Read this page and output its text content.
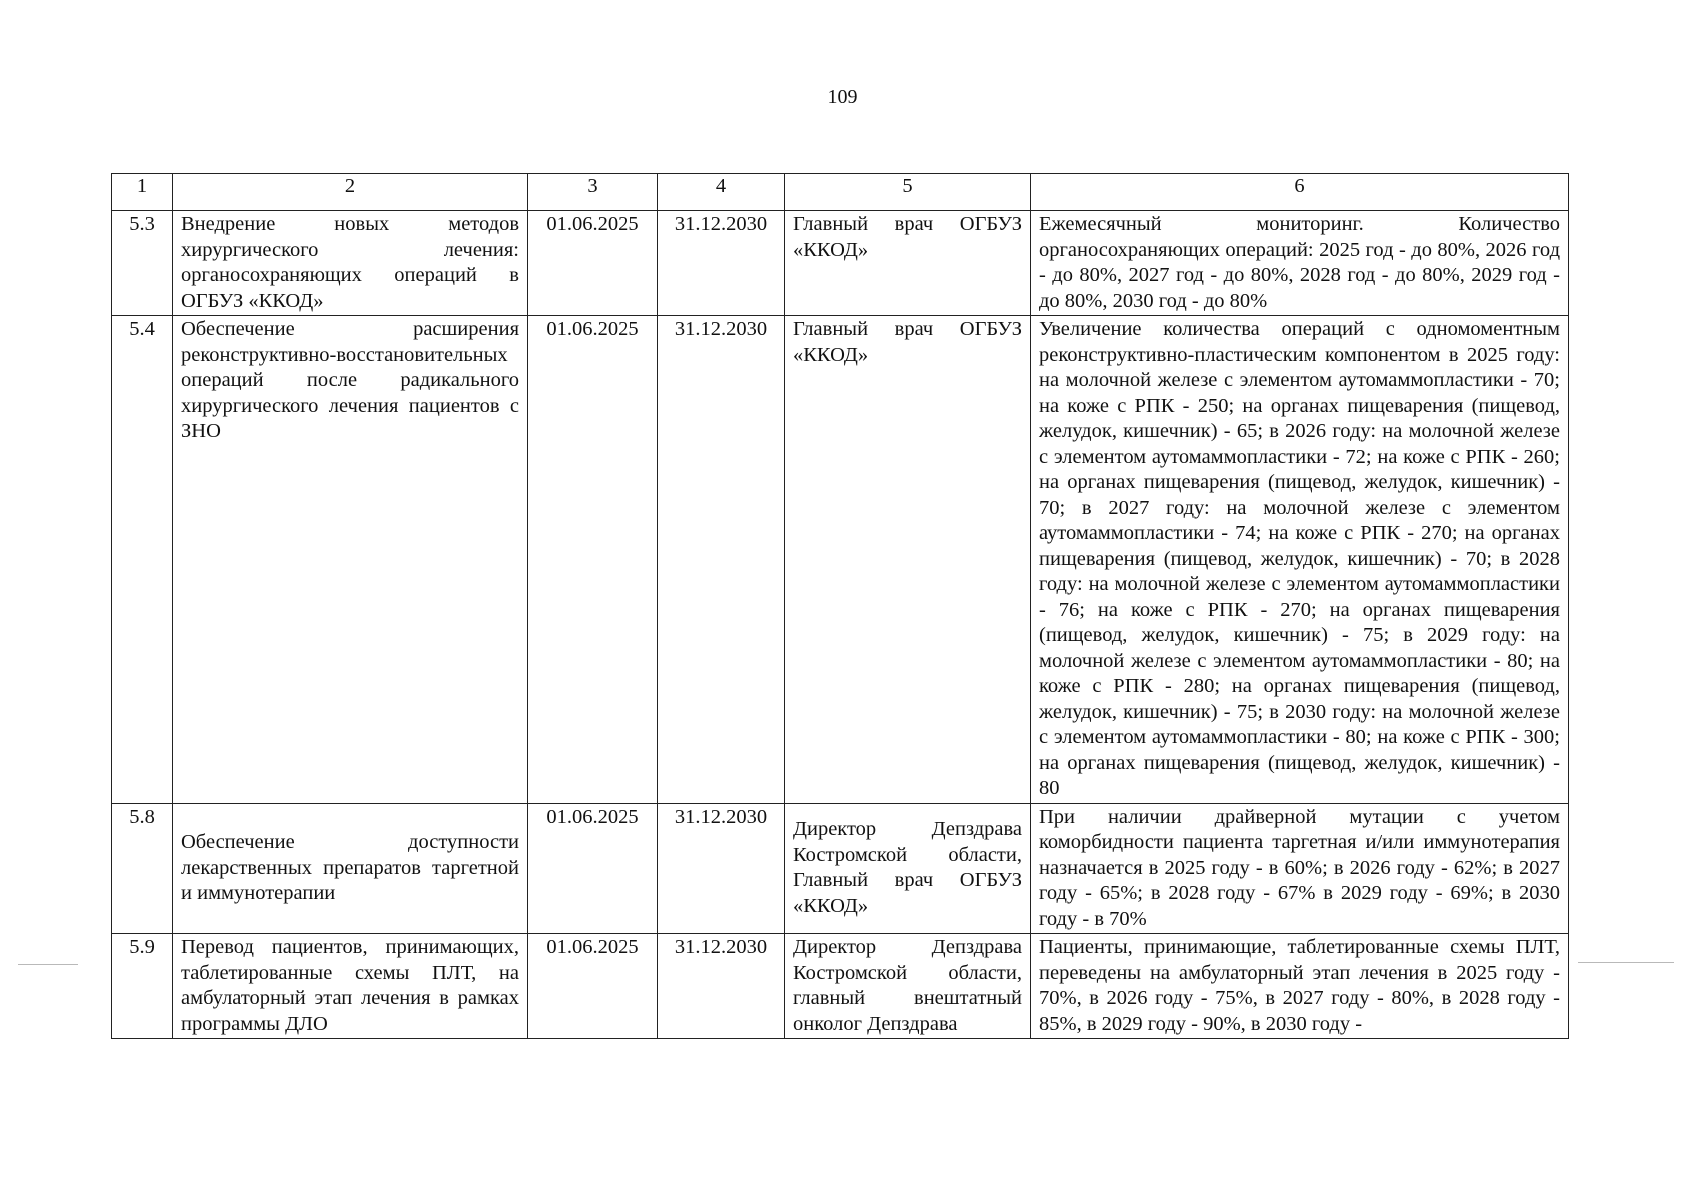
109
1	2	3	4	5	6
5.3	Внедрение новых методов хирургического лечения: органосохраняющих операций в ОГБУЗ «ККОД»	01.06.2025	31.12.2030	Главный врач ОГБУЗ «ККОД»	Ежемесячный мониторинг. Количество органосохраняющих операций: 2025 год - до 80%, 2026 год - до 80%, 2027 год - до 80%, 2028 год - до 80%, 2029 год - до 80%, 2030 год - до 80%
5.4	Обеспечение расширения реконструктивно-восстановительных операций после радикального хирургического лечения пациентов с ЗНО	01.06.2025	31.12.2030	Главный врач ОГБУЗ «ККОД»	Увеличение количества операций с одномоментным реконструктивно-пластическим компонентом в 2025 году: на молочной железе с элементом аутомаммопластики - 70; на коже с РПК - 250; на органах пищеварения (пищевод, желудок, кишечник) - 65; в 2026 году: на молочной железе с элементом аутомаммопластики - 72; на коже с РПК - 260; на органах пищеварения (пищевод, желудок, кишечник) - 70; в 2027 году: на молочной железе с элементом аутомаммопластики - 74; на коже с РПК - 270; на органах пищеварения (пищевод, желудок, кишечник) - 70; в 2028 году: на молочной железе с элементом аутомаммопластики - 76; на коже с РПК - 270; на органах пищеварения (пищевод, желудок, кишечник) - 75; в 2029 году: на молочной железе с элементом аутомаммопластики - 80; на коже с РПК - 280; на органах пищеварения (пищевод, желудок, кишечник) - 75; в 2030 году: на молочной железе с элементом аутомаммопластики - 80; на коже с РПК - 300; на органах пищеварения (пищевод, желудок, кишечник) - 80
5.8	Обеспечение доступности лекарственных препаратов таргетной и иммунотерапии	01.06.2025	31.12.2030	Директор Депздрава Костромской области, Главный врач ОГБУЗ «ККОД»	При наличии драйверной мутации с учетом коморбидности пациента таргетная и/или иммунотерапия назначается в 2025 году - в 60%; в 2026 году - 62%; в 2027 году - 65%; в 2028 году - 67% в 2029 году - 69%; в 2030 году - в 70%
5.9	Перевод пациентов, принимающих, таблетированные схемы ПЛТ, на амбулаторный этап лечения в рамках программы ДЛО	01.06.2025	31.12.2030	Директор Депздрава Костромской области, главный внештатный онколог Депздрава	Пациенты, принимающие, таблетированные схемы ПЛТ, переведены на амбулаторный этап лечения в 2025 году - 70%, в 2026 году - 75%, в 2027 году - 80%, в 2028 году - 85%, в 2029 году - 90%, в 2030 году -
